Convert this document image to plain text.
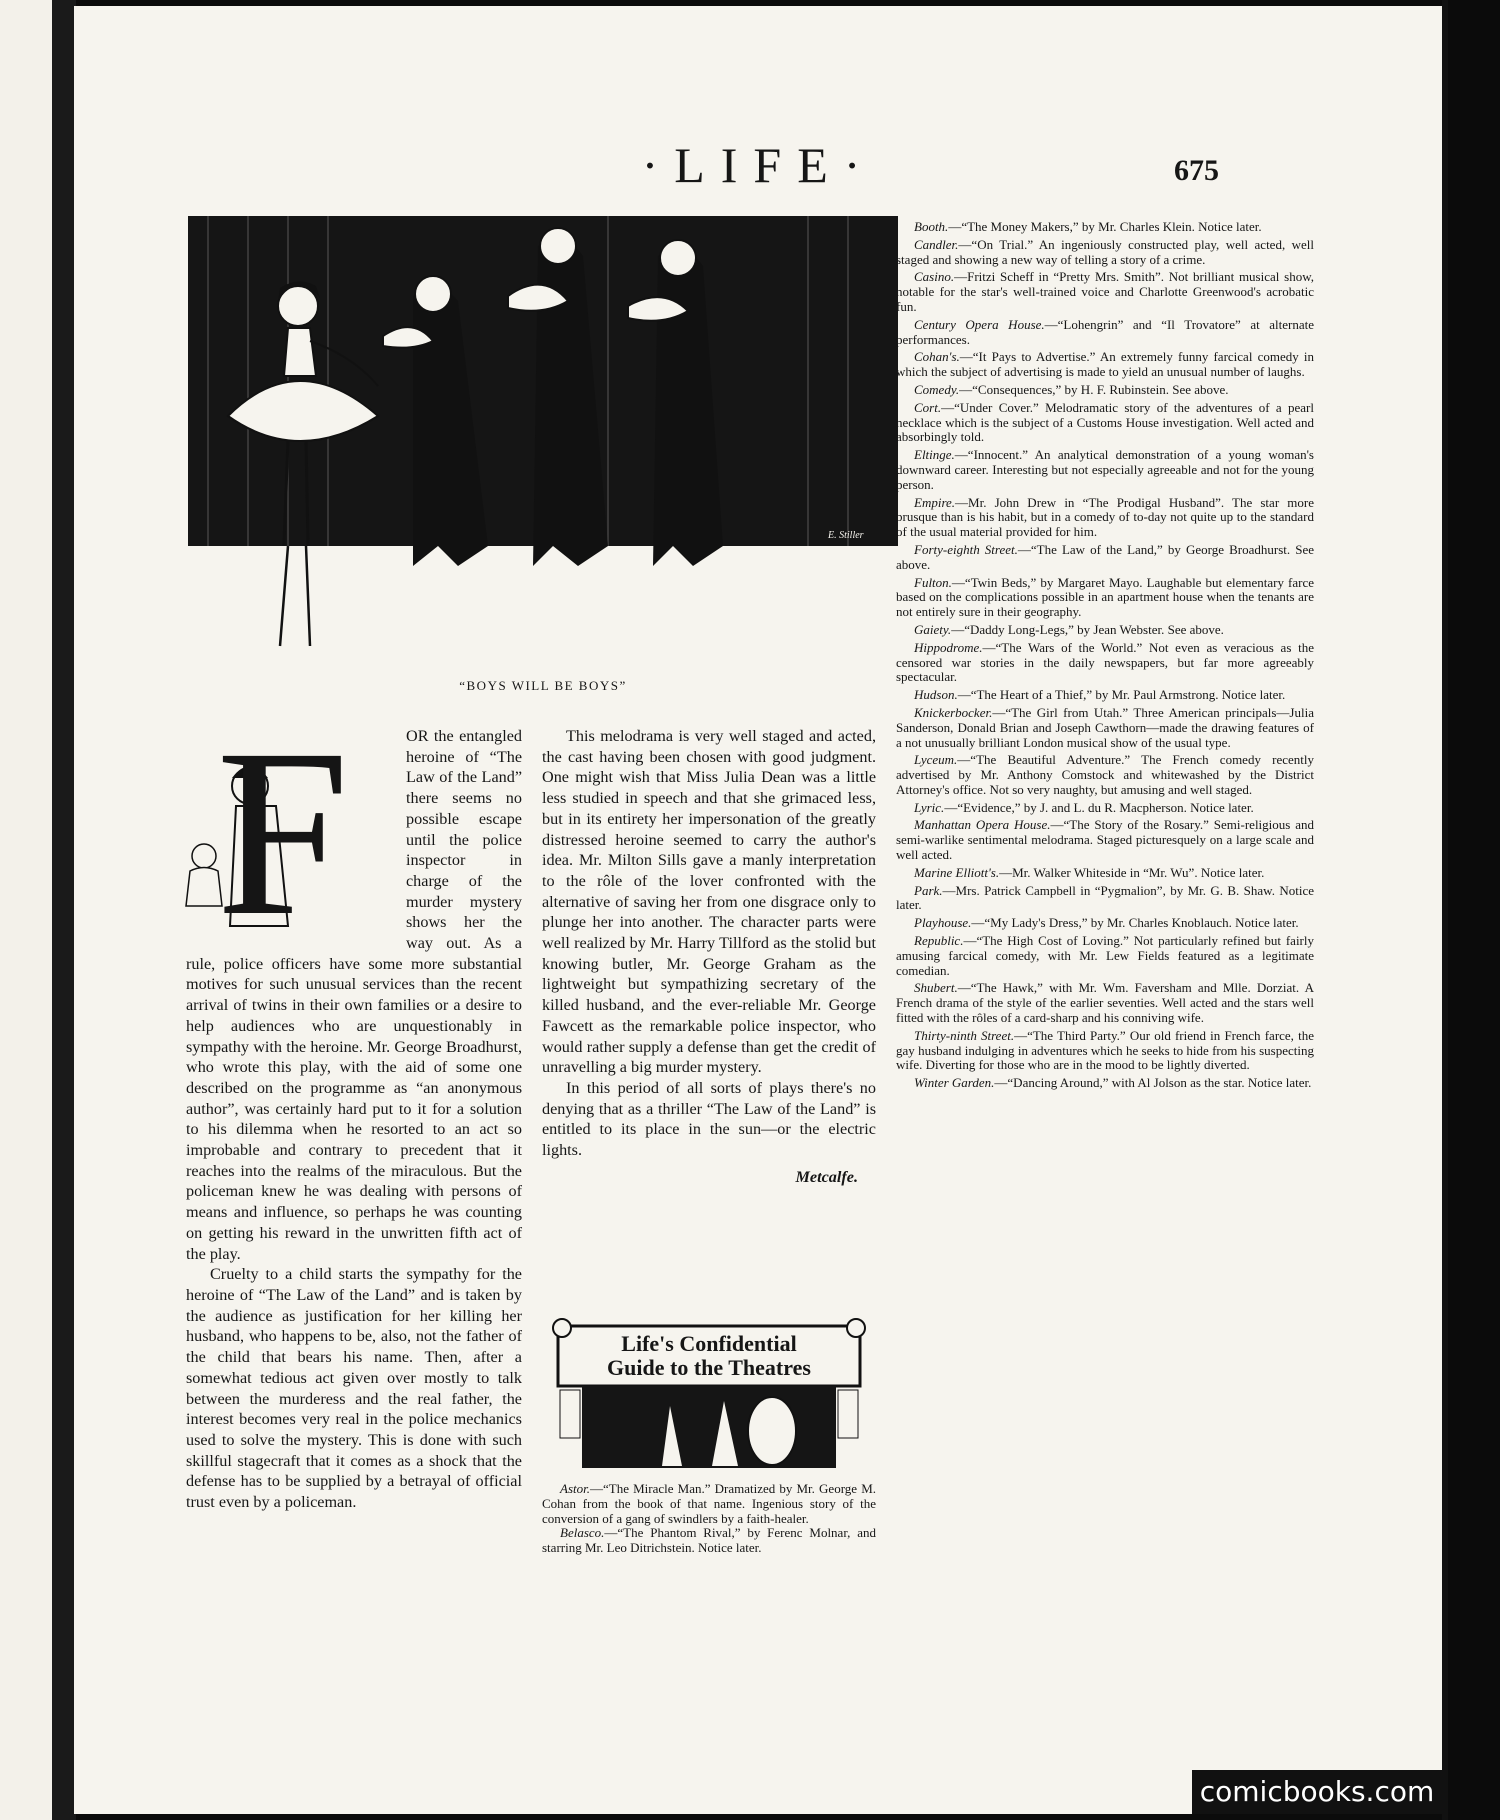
·LIFE·	675
E. Stiller
“BOYS WILL BE BOYS”
F	OR the entangled heroine of “The Law of the Land” there seems no possible escape until the police inspector in charge of the murder mystery shows her the way out. As a rule, police officers have some more substantial motives for such unusual services than the recent arrival of twins in their own families or a desire to help audiences who are unquestionably in sympathy with the heroine. Mr. George Broadhurst, who wrote this play, with the aid of some one described on the programme as “an anonymous author”, was certainly hard put to it for a solution to his dilemma when he resorted to an act so improbable and contrary to precedent that it reaches into the realms of the miraculous. But the policeman knew he was dealing with persons of means and influence, so perhaps he was counting on getting his reward in the unwritten fifth act of the play.

Cruelty to a child starts the sympathy for the heroine of “The Law of the Land” and is taken by the audience as justification for her killing her husband, who happens to be, also, not the father of the child that bears his name. Then, after a somewhat tedious act given over mostly to talk between the murderess and the real father, the interest becomes very real in the police mechanics used to solve the mystery. This is done with such skillful stagecraft that it comes as a shock that the defense has to be supplied by a betrayal of official trust even by a policeman.

This melodrama is very well staged and acted, the cast having been chosen with good judgment. One might wish that Miss Julia Dean was a little less studied in speech and that she grimaced less, but in its entirety her impersonation of the greatly distressed heroine seemed to carry the author's idea. Mr. Milton Sills gave a manly interpretation to the rôle of the lover confronted with the alternative of saving her from one disgrace only to plunge her into another. The character parts were well realized by Mr. Harry Tillford as the stolid but knowing butler, Mr. George Graham as the lightweight but sympathizing secretary of the killed husband, and the ever-reliable Mr. George Fawcett as the remarkable police inspector, who would rather supply a defense than get the credit of unravelling a big murder mystery.

In this period of all sorts of plays there's no denying that as a thriller “The Law of the Land” is entitled to its place in the sun—or the electric lights.

Metcalfe.
Life's Confidential
Guide to the Theatres

Astor.—“The Miracle Man.” Dramatized by Mr. George M. Cohan from the book of that name. Ingenious story of the conversion of a gang of swindlers by a faith-healer.

Belasco.—“The Phantom Rival,” by Ferenc Molnar, and starring Mr. Leo Ditrichstein. Notice later.

Booth.—“The Money Makers,” by Mr. Charles Klein. Notice later.

Candler.—“On Trial.” An ingeniously constructed play, well acted, well staged and showing a new way of telling a story of a crime.

Casino.—Fritzi Scheff in “Pretty Mrs. Smith”. Not brilliant musical show, notable for the star's well-trained voice and Charlotte Greenwood's acrobatic fun.

Century Opera House.—“Lohengrin” and “Il Trovatore” at alternate performances.

Cohan's.—“It Pays to Advertise.” An extremely funny farcical comedy in which the subject of advertising is made to yield an unusual number of laughs.

Comedy.—“Consequences,” by H. F. Rubinstein. See above.

Cort.—“Under Cover.” Melodramatic story of the adventures of a pearl necklace which is the subject of a Customs House investigation. Well acted and absorbingly told.

Eltinge.—“Innocent.” An analytical demonstration of a young woman's downward career. Interesting but not especially agreeable and not for the young person.

Empire.—Mr. John Drew in “The Prodigal Husband”. The star more brusque than is his habit, but in a comedy of to-day not quite up to the standard of the usual material provided for him.

Forty-eighth Street.—“The Law of the Land,” by George Broadhurst. See above.

Fulton.—“Twin Beds,” by Margaret Mayo. Laughable but elementary farce based on the complications possible in an apartment house when the tenants are not entirely sure in their geography.

Gaiety.—“Daddy Long-Legs,” by Jean Webster. See above.

Hippodrome.—“The Wars of the World.” Not even as veracious as the censored war stories in the daily newspapers, but far more agreeably spectacular.

Hudson.—“The Heart of a Thief,” by Mr. Paul Armstrong. Notice later.

Knickerbocker.—“The Girl from Utah.” Three American principals—Julia Sanderson, Donald Brian and Joseph Cawthorn—made the drawing features of a not unusually brilliant London musical show of the usual type.

Lyceum.—“The Beautiful Adventure.” The French comedy recently advertised by Mr. Anthony Comstock and whitewashed by the District Attorney's office. Not so very naughty, but amusing and well staged.

Lyric.—“Evidence,” by J. and L. du R. Macpherson. Notice later.

Manhattan Opera House.—“The Story of the Rosary.” Semi-religious and semi-warlike sentimental melodrama. Staged picturesquely on a large scale and well acted.

Marine Elliott's.—Mr. Walker Whiteside in “Mr. Wu”. Notice later.

Park.—Mrs. Patrick Campbell in “Pygmalion”, by Mr. G. B. Shaw. Notice later.

Playhouse.—“My Lady's Dress,” by Mr. Charles Knoblauch. Notice later.

Republic.—“The High Cost of Loving.” Not particularly refined but fairly amusing farcical comedy, with Mr. Lew Fields featured as a legitimate comedian.

Shubert.—“The Hawk,” with Mr. Wm. Faversham and Mlle. Dorziat. A French drama of the style of the earlier seventies. Well acted and the stars well fitted with the rôles of a card-sharp and his conniving wife.

Thirty-ninth Street.—“The Third Party.” Our old friend in French farce, the gay husband indulging in adventures which he seeks to hide from his suspecting wife. Diverting for those who are in the mood to be lightly diverted.

Winter Garden.—“Dancing Around,” with Al Jolson as the star. Notice later.

comicbooks.com
